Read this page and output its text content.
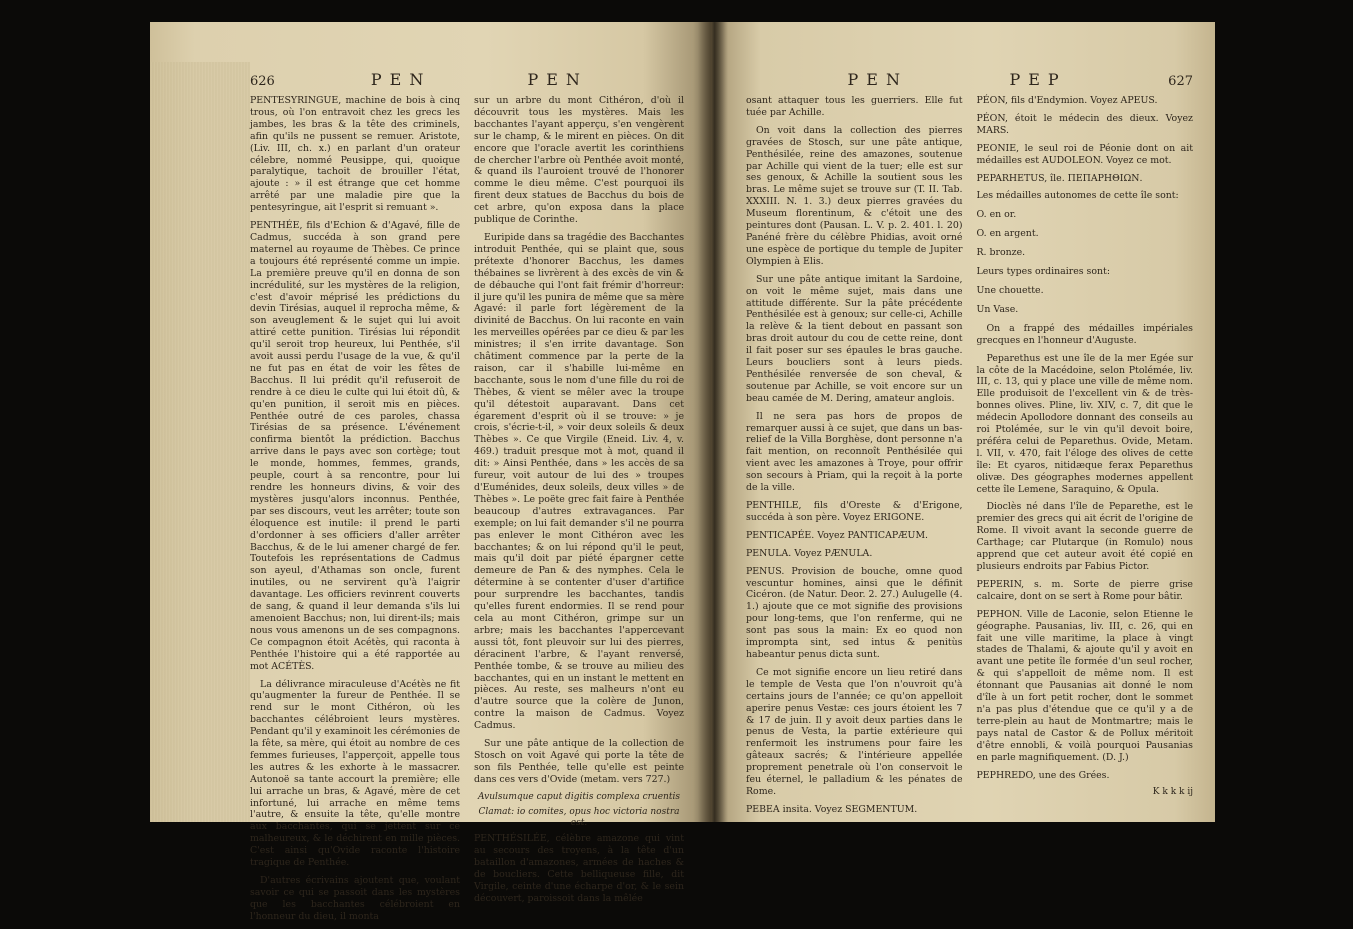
626	PEN	PEN

PENTESYRINGUE, machine de bois à cinq trous, où l'on entravoit chez les grecs les jambes, les bras & la tête des criminels, afin qu'ils ne pussent se remuer. Aristote, (Liv. III, ch. x.) en parlant d'un orateur célebre, nommé Peusippe, qui, quoique paralytique, tachoit de brouiller l'état, ajoute : » il est étrange que cet homme arrêté par une maladie pire que la pentesyringue, ait l'esprit si remuant ».

PENTHÉE, fils d'Echion & d'Agavé, fille de Cadmus, succéda à son grand pere maternel au royaume de Thèbes. Ce prince a toujours été représenté comme un impie. La première preuve qu'il en donna de son incrédulité, sur les mystères de la religion, c'est d'avoir méprisé les prédictions du devin Tirésias, auquel il reprocha même, & son aveuglement & le sujet qui lui avoit attiré cette punition. Tirésias lui répondit qu'il seroit trop heureux, lui Penthée, s'il avoit aussi perdu l'usage de la vue, & qu'il ne fut pas en état de voir les fêtes de Bacchus. Il lui prédit qu'il refuseroit de rendre à ce dieu le culte qui lui étoit dû, & qu'en punition, il seroit mis en pièces. Penthée outré de ces paroles, chassa Tirésias de sa présence. L'événement confirma bientôt la prédiction. Bacchus arrive dans le pays avec son cortège; tout le monde, hommes, femmes, grands, peuple, court à sa rencontre, pour lui rendre les honneurs divins, & voir des mystères jusqu'alors inconnus. Penthée, par ses discours, veut les arrêter; toute son éloquence est inutile: il prend le parti d'ordonner à ses officiers d'aller arrêter Bacchus, & de le lui amener chargé de fer. Toutefois les représentations de Cadmus son ayeul, d'Athamas son oncle, furent inutiles, ou ne servirent qu'à l'aigrir davantage. Les officiers revinrent couverts de sang, & quand il leur demanda s'ils lui amenoient Bacchus; non, lui dirent-ils; mais nous vous amenons un de ses compagnons. Ce compagnon étoit Acétès, qui raconta à Penthée l'histoire qui a été rapportée au mot ACÉTÈS.

La délivrance miraculeuse d'Acétès ne fit qu'augmenter la fureur de Penthée. Il se rend sur le mont Cithéron, où les bacchantes célébroient leurs mystères. Pendant qu'il y examinoit les cérémonies de la fête, sa mère, qui étoit au nombre de ces femmes furieuses, l'apperçoit, appelle tous les autres & les exhorte à le massacrer. Autonoë sa tante accourt la première; elle lui arrache un bras, & Agavé, mère de cet infortuné, lui arrache en même tems l'autre, & ensuite la tête, qu'elle montre aux bacchantes, qui se jettent sur ce malheureux, & le déchirent en mille pièces. C'est ainsi qu'Ovide raconte l'histoire tragique de Penthée.

D'autres écrivains ajoutent que, voulant savoir ce qui se passoit dans les mystères que les bacchantes célébroient en l'honneur du dieu, il monta

sur un arbre du mont Cithéron, d'où il découvrit tous les mystères. Mais les bacchantes l'ayant apperçu, s'en vengèrent sur le champ, & le mirent en pièces. On dit encore que l'oracle avertit les corinthiens de chercher l'arbre où Penthée avoit monté, & quand ils l'auroient trouvé de l'honorer comme le dieu même. C'est pourquoi ils firent deux statues de Bacchus du bois de cet arbre, qu'on exposa dans la place publique de Corinthe.

Euripide dans sa tragédie des Bacchantes introduit Penthée, qui se plaint que, sous prétexte d'honorer Bacchus, les dames thébaines se livrèrent à des excès de vin & de débauche qui l'ont fait frémir d'horreur: il jure qu'il les punira de même que sa mère Agavé: il parle fort légèrement de la divinité de Bacchus. On lui raconte en vain les merveilles opérées par ce dieu & par les ministres; il s'en irrite davantage. Son châtiment commence par la perte de la raison, car il s'habille lui-même en bacchante, sous le nom d'une fille du roi de Thèbes, & vient se mêler avec la troupe qu'il détestoit auparavant. Dans cet égarement d'esprit où il se trouve: » je crois, s'écrie-t-il, » voir deux soleils & deux Thèbes ». Ce que Virgile (Eneid. Liv. 4, v. 469.) traduit presque mot à mot, quand il dit: » Ainsi Penthée, dans » les accès de sa fureur, voit autour de lui des » troupes d'Euménides, deux soleils, deux villes » de Thèbes ». Le poëte grec fait faire à Penthée beaucoup d'autres extravagances. Par exemple; on lui fait demander s'il ne pourra pas enlever le mont Cithéron avec les bacchantes; & on lui répond qu'il le peut, mais qu'il doit par piété épargner cette demeure de Pan & des nymphes. Cela le détermine à se contenter d'user d'artifice pour surprendre les bacchantes, tandis qu'elles furent endormies. Il se rend pour cela au mont Cithéron, grimpe sur un arbre; mais les bacchantes l'appercevant aussi tôt, font pleuvoir sur lui des pierres, déracinent l'arbre, & l'ayant renversé, Penthée tombe, & se trouve au milieu des bacchantes, qui en un instant le mettent en pièces. Au reste, ses malheurs n'ont eu d'autre source que la colère de Junon, contre la maison de Cadmus. Voyez Cadmus.

Sur une pâte antique de la collection de Stosch on voit Agavé qui porte la tête de son fils Penthée, telle qu'elle est peinte dans ces vers d'Ovide (metam. vers 727.)

Avulsumque caput digitis complexa cruentis
Clamat: io comites, opus hoc victoria nostra est.

PENTHÉSILÉE, célèbre amazone qui vint au secours des troyens, à la tête d'un bataillon d'amazones, armées de haches & de boucliers. Cette belliqueuse fille, dit Virgile, ceinte d'une écharpe d'or, & le sein découvert, paroissoit dans la mêlée

PEN	PEP	627

osant attaquer tous les guerriers. Elle fut tuée par Achille.

On voit dans la collection des pierres gravées de Stosch, sur une pâte antique, Penthésilée, reine des amazones, soutenue par Achille qui vient de la tuer; elle est sur ses genoux, & Achille la soutient sous les bras. Le même sujet se trouve sur (T. II. Tab. XXXIII. N. 1. 3.) deux pierres gravées du Museum florentinum, & c'étoit une des peintures dont (Pausan. L. V. p. 2. 401. l. 20) Panéné frère du célèbre Phidias, avoit orné une espèce de portique du temple de Jupiter Olympien à Elis.

Sur une pâte antique imitant la Sardoine, on voit le même sujet, mais dans une attitude différente. Sur la pâte précédente Penthésilée est à genoux; sur celle-ci, Achille la relève & la tient debout en passant son bras droit autour du cou de cette reine, dont il fait poser sur ses épaules le bras gauche. Leurs boucliers sont à leurs pieds. Penthésilée renversée de son cheval, & soutenue par Achille, se voit encore sur un beau camée de M. Dering, amateur anglois.

Il ne sera pas hors de propos de remarquer aussi à ce sujet, que dans un bas-relief de la Villa Borghèse, dont personne n'a fait mention, on reconnoît Penthésilée qui vient avec les amazones à Troye, pour offrir son secours à Priam, qui la reçoit à la porte de la ville.

PENTHILE, fils d'Oreste & d'Erigone, succéda à son père. Voyez ERIGONE.

PENTICAPÉE. Voyez PANTICAPÆUM.

PENULA. Voyez PÆNULA.

PENUS. Provision de bouche, omne quod vescuntur homines, ainsi que le définit Cicéron. (de Natur. Deor. 2. 27.) Aulugelle (4. 1.) ajoute que ce mot signifie des provisions pour long-tems, que l'on renferme, qui ne sont pas sous la main: Ex eo quod non imprompta sint, sed intus & penitùs habeantur penus dicta sunt.

Ce mot signifie encore un lieu retiré dans le temple de Vesta que l'on n'ouvroit qu'à certains jours de l'année; ce qu'on appelloit aperire penus Vestæ: ces jours étoient les 7 & 17 de juin. Il y avoit deux parties dans le penus de Vesta, la partie extérieure qui renfermoit les instrumens pour faire les gâteaux sacrés; & l'intérieure appellée proprement penetrale où l'on conservoit le feu éternel, le palladium & les pénates de Rome.

PEBEA insita. Voyez SEGMENTUM.

PÉON, fils d'Endymion. Voyez APEUS.

PÉON, étoit le médecin des dieux. Voyez MARS.

PEONIE, le seul roi de Péonie dont on ait médailles est AUDOLEON. Voyez ce mot.

PEPARHETUS, île. ΠΕΠΑΡΗΘΙΩΝ.

Les médailles autonomes de cette île sont:
O. en or.
O. en argent.
R. bronze.
Leurs types ordinaires sont:
Une chouette.
Un Vase.

On a frappé des médailles impériales grecques en l'honneur d'Auguste.

Peparethus est une île de la mer Egée sur la côte de la Macédoine, selon Ptolémée, liv. III, c. 13, qui y place une ville de même nom. Elle produisoit de l'excellent vin & de très-bonnes olives. Pline, liv. XIV, c. 7, dit que le médecin Apollodore donnant des conseils au roi Ptolémée, sur le vin qu'il devoit boire, préféra celui de Peparethus. Ovide, Metam. l. VII, v. 470, fait l'éloge des olives de cette île: Et cyaros, nitidæque ferax Peparethus olivæ. Des géographes modernes appellent cette île Lemene, Saraquino, & Opula.

Dioclès né dans l'île de Peparethe, est le premier des grecs qui ait écrit de l'origine de Rome. Il vivoit avant la seconde guerre de Carthage; car Plutarque (in Romulo) nous apprend que cet auteur avoit été copié en plusieurs endroits par Fabius Pictor.

PEPERIN, s. m. Sorte de pierre grise calcaire, dont on se sert à Rome pour bâtir.

PEPHON. Ville de Laconie, selon Etienne le géographe. Pausanias, liv. III, c. 26, qui en fait une ville maritime, la place à vingt stades de Thalami, & ajoute qu'il y avoit en avant une petite île formée d'un seul rocher, & qui s'appelloit de même nom. Il est étonnant que Pausanias ait donné le nom d'île à un fort petit rocher, dont le sommet n'a pas plus d'étendue que ce qu'il y a de terre-plein au haut de Montmartre; mais le pays natal de Castor & de Pollux méritoit d'être ennobli, & voilà pourquoi Pausanias en parle magnifiquement. (D. J.)

PEPHREDO, une des Grées.

K k k k ij
